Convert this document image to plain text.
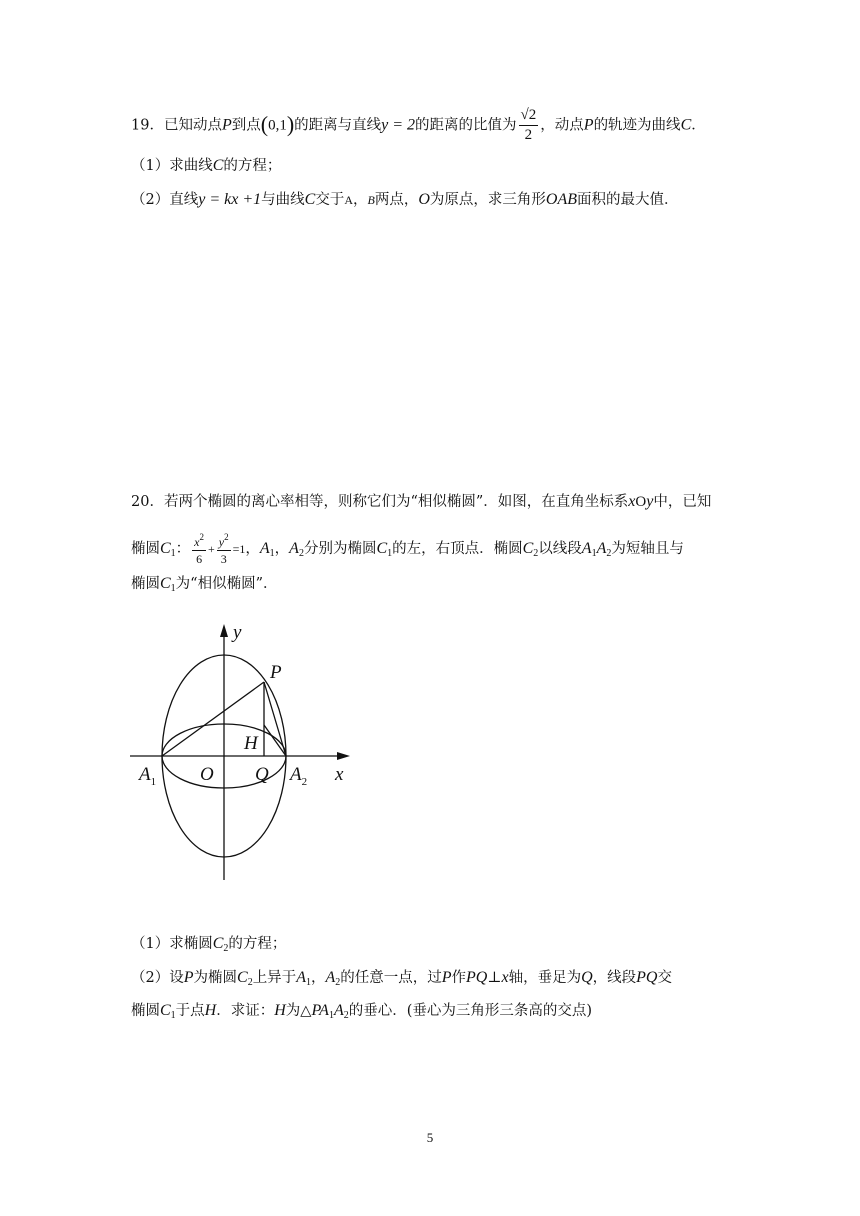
19．已知动点P到点(0,1)的距离与直线y = 2的距离的比值为 $\frac{√2}{2}$ ，动点P的轨迹为曲线C．
（1）求曲线C的方程；
（2）直线y = kx +1与曲线C交于A，B两点，O为原点，求三角形OAB面积的最大值．
20．若两个椭圆的离心率相等，则称它们为“相似椭圆”．如图，在直角坐标系xOy中，已知
椭圆$C_1$： $\frac{x^2}{6} + \frac{y^2}{3} =1$，$A_1$，$A_2$分别为椭圆$C_1$的左，右顶点．椭圆$C_2$以线段$A_1A_2$为短轴且与
椭圆$C_1$为“相似椭圆”．
y
x
P
H
O Q
$A_1$	$A_2$
（1）求椭圆$C_2$的方程；
（2）设P为椭圆$C_2$上异于$A_1$，$A_2$的任意一点，过P作PQ⊥x轴，垂足为Q，线段PQ交
椭圆$C_1$于点H．求证：H为$\triangle PA_1A_2$的垂心．(垂心为三角形三条高的交点)
5
